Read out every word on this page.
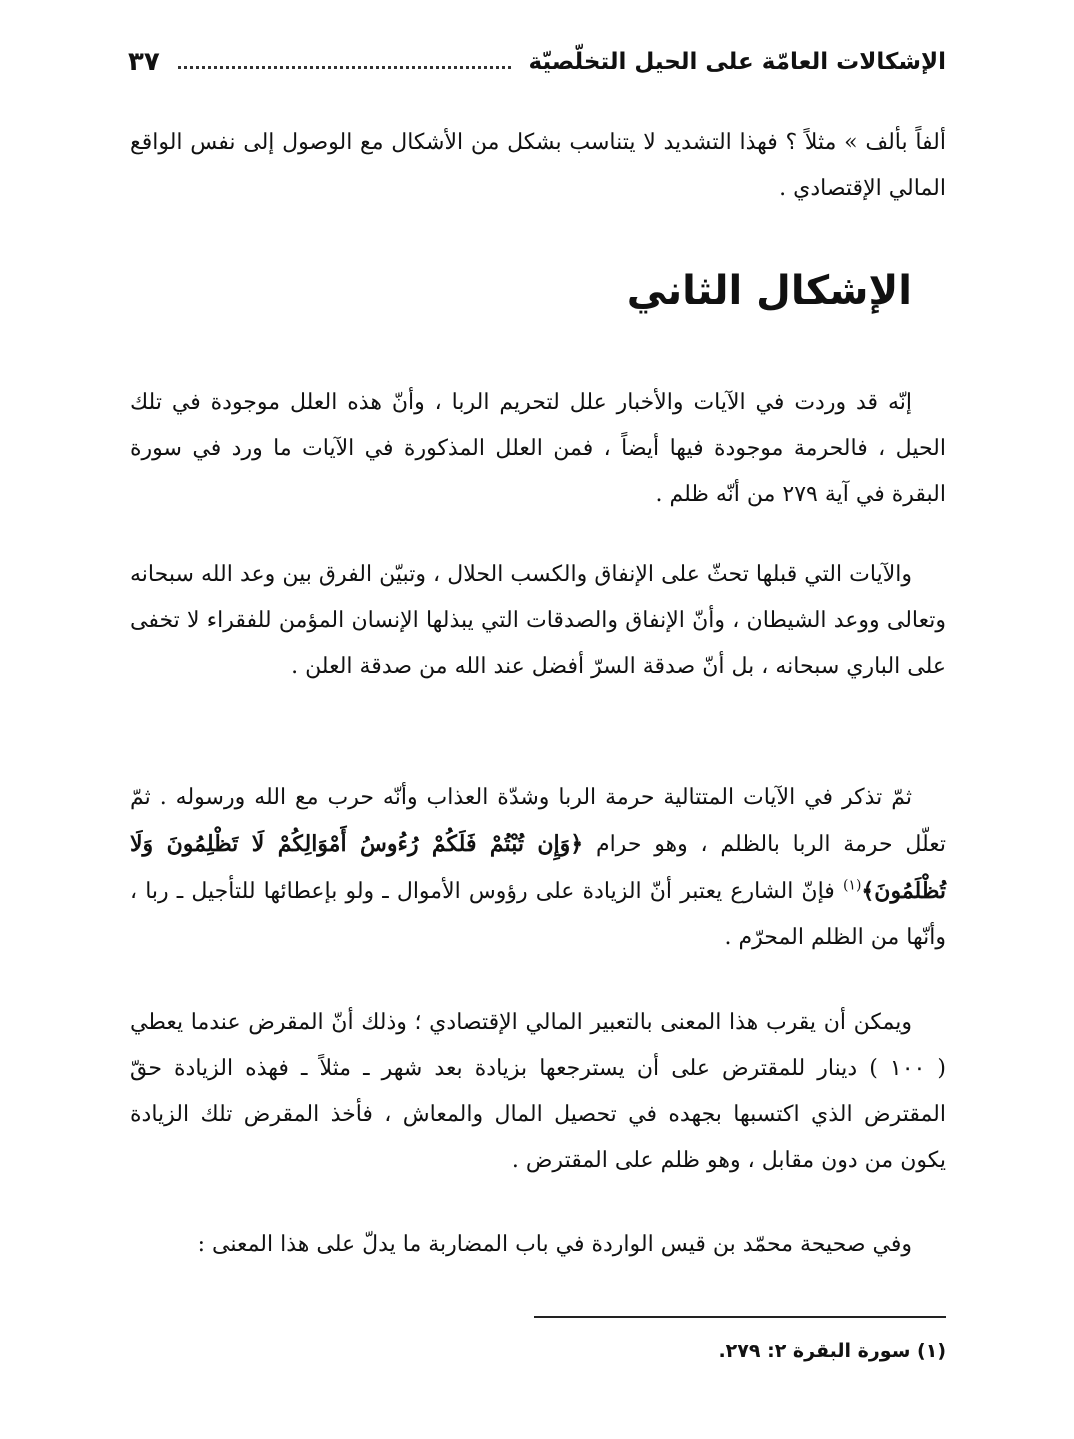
الإشكالات العامّة على الحيل التخلّصيّة
٣٧

ألفاً بألف » مثلاً ؟ فهذا التشديد لا يتناسب بشكل من الأشكال مع الوصول إلى نفس الواقع المالي الإقتصادي .

الإشكال الثاني

إنّه قد وردت في الآيات والأخبار علل لتحريم الربا ، وأنّ هذه العلل موجودة في تلك الحيل ، فالحرمة موجودة فيها أيضاً ، فمن العلل المذكورة في الآيات ما ورد في سورة البقرة في آية ٢٧٩ من أنّه ظلم .

والآيات التي قبلها تحثّ على الإنفاق والكسب الحلال ، وتبيّن الفرق بين وعد الله سبحانه وتعالى ووعد الشيطان ، وأنّ الإنفاق والصدقات التي يبذلها الإنسان المؤمن للفقراء لا تخفى على الباري سبحانه ، بل أنّ صدقة السرّ أفضل عند الله من صدقة العلن .

ثمّ تذكر في الآيات المتتالية حرمة الربا وشدّة العذاب وأنّه حرب مع الله ورسوله . ثمّ تعلّل حرمة الربا بالظلم ، وهو حرام ﴿وَإِن تُبْتُمْ فَلَكُمْ رُءُوسُ أَمْوَالِكُمْ لَا تَظْلِمُونَ وَلَا تُظْلَمُونَ﴾$^{(١)}$ فإنّ الشارع يعتبر أنّ الزيادة على رؤوس الأموال ـ ولو بإعطائها للتأجيل ـ ربا ، وأنّها من الظلم المحرّم .

ويمكن أن يقرب هذا المعنى بالتعبير المالي الإقتصادي ؛ وذلك أنّ المقرض عندما يعطي ( ١٠٠ ) دينار للمقترض على أن يسترجعها بزيادة بعد شهر ـ مثلاً ـ فهذه الزيادة حقّ المقترض الذي اكتسبها بجهده في تحصيل المال والمعاش ، فأخذ المقرض تلك الزيادة يكون من دون مقابل ، وهو ظلم على المقترض .

وفي صحيحة محمّد بن قيس الواردة في باب المضاربة ما يدلّ على هذا المعنى :

(١) سورة البقرة ٢: ٢٧٩.
